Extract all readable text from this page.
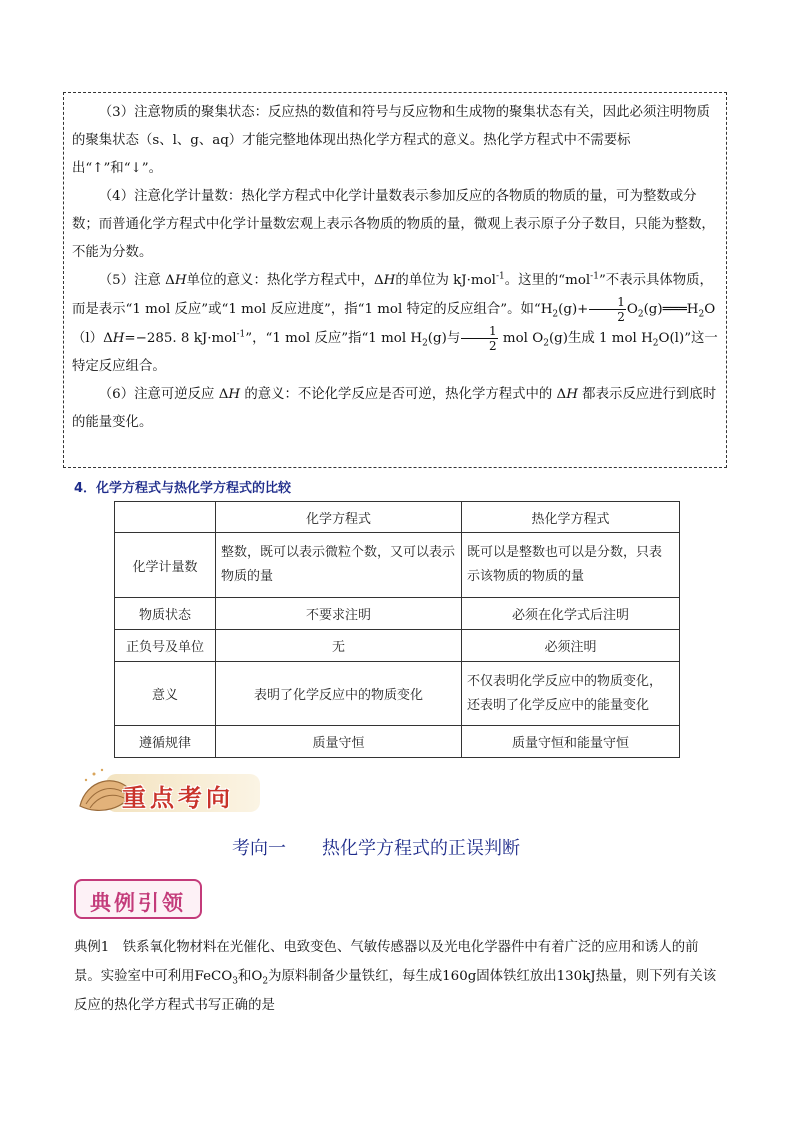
（3）注意物质的聚集状态：反应热的数值和符号与反应物和生成物的聚集状态有关，因此必须注明物质的聚集状态（s、l、g、aq）才能完整地体现出热化学方程式的意义。热化学方程式中不需要标出“↑”和“↓”。

（4）注意化学计量数：热化学方程式中化学计量数表示参加反应的各物质的物质的量，可为整数或分数；而普通化学方程式中化学计量数宏观上表示各物质的物质的量，微观上表示原子分子数目，只能为整数，不能为分数。

（5）注意 ΔH单位的意义：热化学方程式中，ΔH的单位为 kJ·mol$^{-1}$。这里的“mol$^{-1}$”不表示具体物质，而是表示“1 mol 反应”或“1 mol 反应进度”，指“1 mol 特定的反应组合”。如“$H_2(g)+ \frac{1}{2}$ $O_2(g)═══H_2O(l)\Delta H=-285$. 8 kJ·mol$^{-1}$”，“1 mol 反应”指“1 mol $H_2(g)$与 $\frac{1}{2}$ mol $O_2(g)$生成 1 mol $H_2O(l)$”这一特定反应组合。

（6）注意可逆反应 ΔH 的意义：不论化学反应是否可逆，热化学方程式中的 ΔH 都表示反应进行到底时的能量变化。

4．化学方程式与热化学方程式的比较
	化学方程式	热化学方程式
化学计量数	整数，既可以表示微粒个数，又可以表示物质的量	既可以是整数也可以是分数，只表示该物质的物质的量
物质状态	不要求注明	必须在化学式后注明
正负号及单位	无	必须注明
意义	表明了化学反应中的物质变化	不仅表明化学反应中的物质变化，还表明了化学反应中的能量变化
遵循规律	质量守恒	质量守恒和能量守恒
重点考向
考向一 热化学方程式的正误判断
典例引领

典例1　铁系氧化物材料在光催化、电致变色、气敏传感器以及光电化学器件中有着广泛的应用和诱人的前景。实验室中可利用FeCO$_3$和$O_2$为原料制备少量铁红，每生成160g固体铁红放出130kJ热量，则下列有关该反应的热化学方程式书写正确的是
